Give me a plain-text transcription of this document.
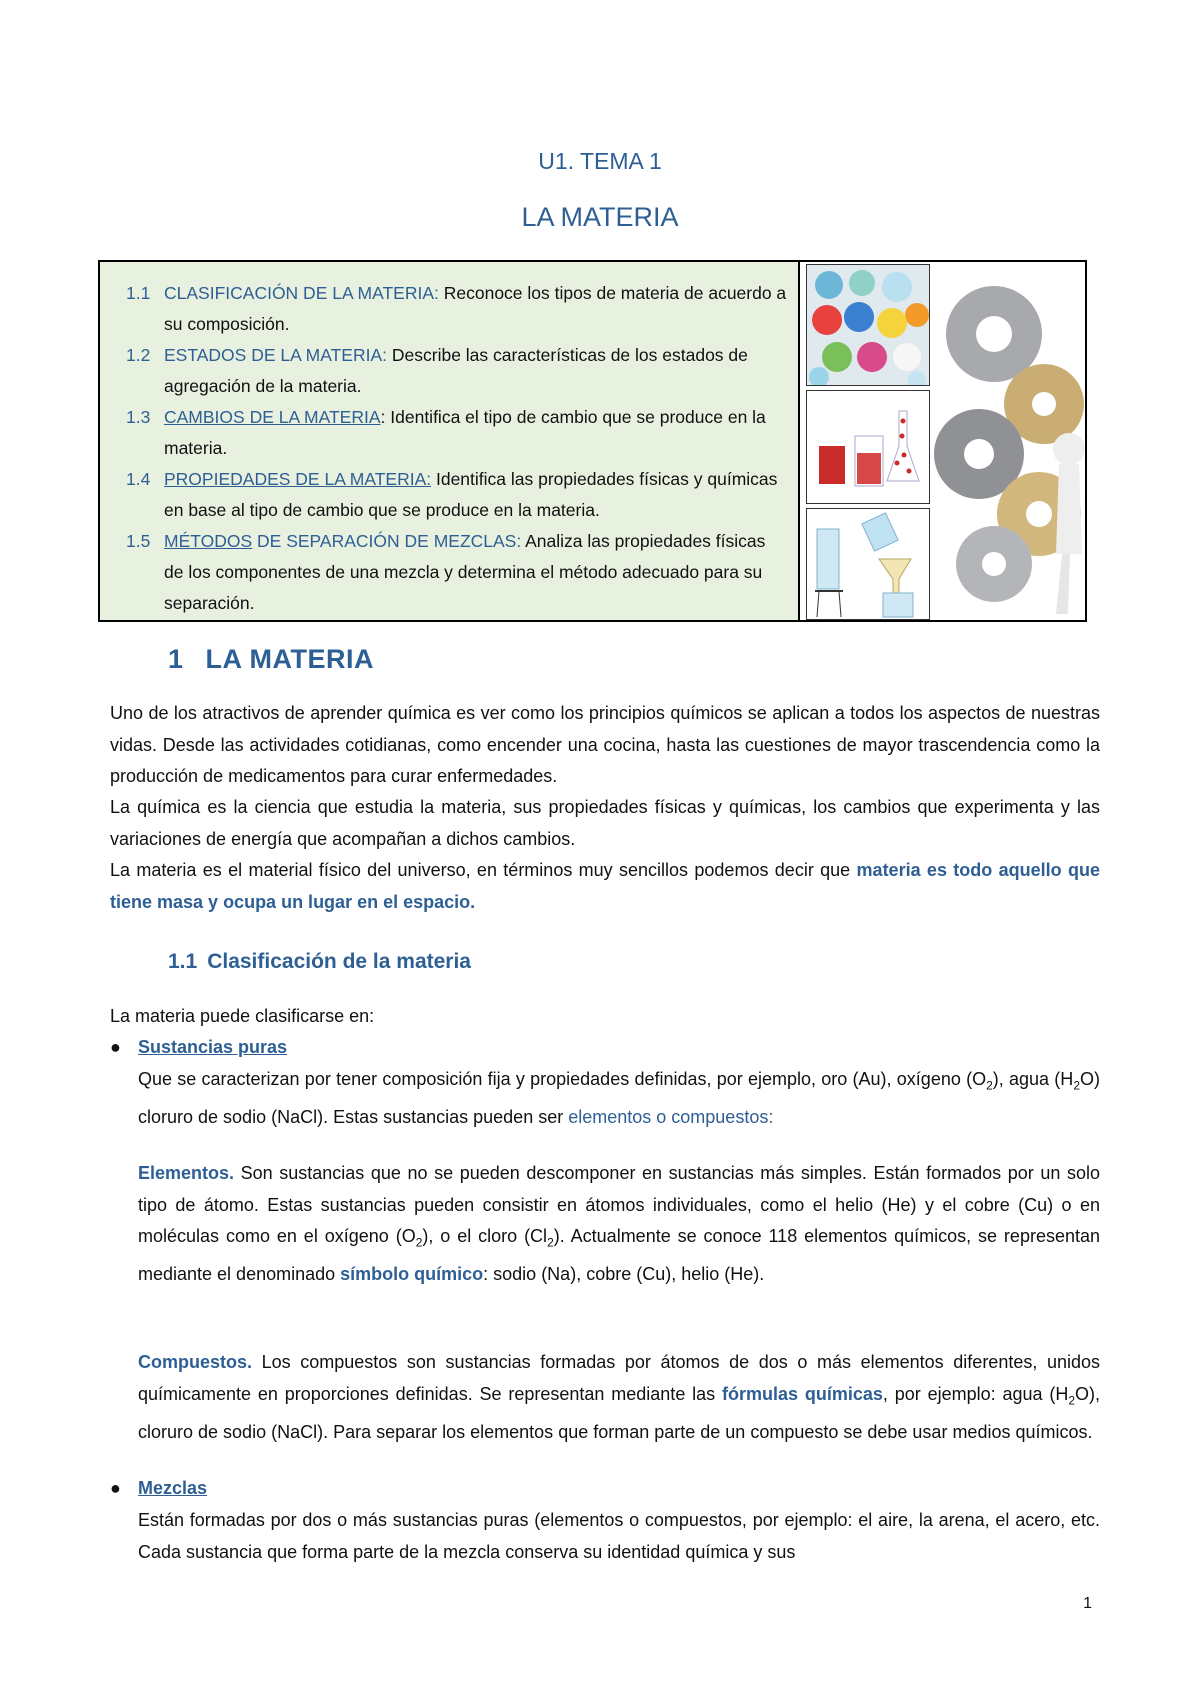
U1. TEMA 1
LA MATERIA
1.1 CLASIFICACIÓN DE LA MATERIA: Reconoce los tipos de materia de acuerdo a su composición.
1.2 ESTADOS DE LA MATERIA: Describe las características de los estados de agregación de la materia.
1.3 CAMBIOS DE LA MATERIA: Identifica el tipo de cambio que se produce en la materia.
1.4 PROPIEDADES DE LA MATERIA: Identifica las propiedades físicas y químicas en base al tipo de cambio que se produce en la materia.
1.5 MÉTODOS DE SEPARACIÓN DE MEZCLAS: Analiza las propiedades físicas de los componentes de una mezcla y determina el método adecuado para su separación.
1 LA MATERIA

Uno de los atractivos de aprender química es ver como los principios químicos se aplican a todos los aspectos de nuestras vidas. Desde las actividades cotidianas, como encender una cocina, hasta las cuestiones de mayor trascendencia como la producción de medicamentos para curar enfermedades.

La química es la ciencia que estudia la materia, sus propiedades físicas y químicas, los cambios que experimenta y las variaciones de energía que acompañan a dichos cambios.

La materia es el material físico del universo, en términos muy sencillos podemos decir que materia es todo aquello que tiene masa y ocupa un lugar en el espacio.

1.1 Clasificación de la materia

La materia puede clasificarse en:

● Sustancias puras

Que se caracterizan por tener composición fija y propiedades definidas, por ejemplo, oro (Au), oxígeno $(O_2)$, agua $(H_2O)$ cloruro de sodio (NaCl). Estas sustancias pueden ser elementos o compuestos:

Elementos. Son sustancias que no se pueden descomponer en sustancias más simples. Están formados por un solo tipo de átomo. Estas sustancias pueden consistir en átomos individuales, como el helio (He) y el cobre (Cu) o en moléculas como en el oxígeno $(O_2)$, o el cloro $(Cl_2)$. Actualmente se conoce 118 elementos químicos, se representan mediante el denominado símbolo químico: sodio (Na), cobre (Cu), helio (He).

Compuestos. Los compuestos son sustancias formadas por átomos de dos o más elementos diferentes, unidos químicamente en proporciones definidas. Se representan mediante las fórmulas químicas, por ejemplo: agua $(H_2O)$, cloruro de sodio (NaCl). Para separar los elementos que forman parte de un compuesto se debe usar medios químicos.

● Mezclas

Están formadas por dos o más sustancias puras (elementos o compuestos, por ejemplo: el aire, la arena, el acero, etc. Cada sustancia que forma parte de la mezcla conserva su identidad química y sus

1
